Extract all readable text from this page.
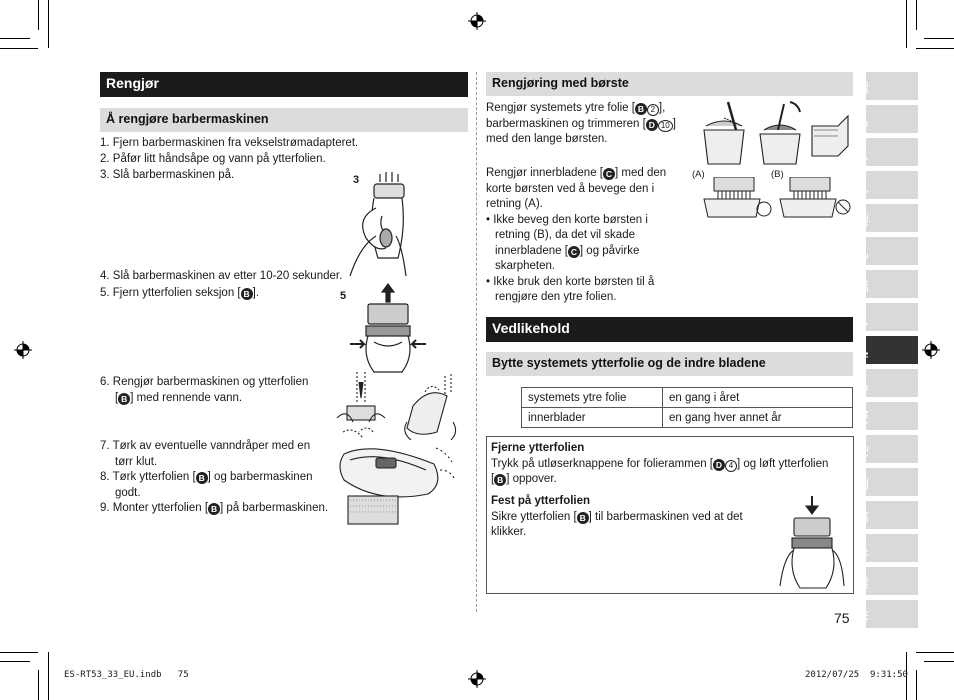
Rengjør
Å rengjøre barbermaskinen
1. Fjern barbermaskinen fra vekselstrømadapteret.
2. Påfør litt håndsåpe og vann på ytterfolien.
3. Slå barbermaskinen på.	3
4. Slå barbermaskinen av etter 10-20 sekunder.
5. Fjern ytterfolien seksjon [ B ].	5
6. Rengjør barbermaskinen og ytterfolien
[ B ] med rennende vann.
7. Tørk av eventuelle vanndråper med en
tørr klut.
8. Tørk ytterfolien [ B ] og barbermaskinen
godt.
9. Monter ytterfolien [ B ] på barbermaskinen.
Rengjøring med børste
Rengjør systemets ytre folie [ B 2 ],
barbermaskinen og trimmeren [ D 10 ]
med den lange børsten.
Rengjør innerbladene [ C ] med den
korte børsten ved å bevege den i
retning (A).
• Ikke beveg den korte børsten i
retning (B), da det vil skade
innerbladene [ C ] og påvirke
skarpheten.
• Ikke bruk den korte børsten til å
rengjøre den ytre folien.
(A)	(B)
Vedlikehold
Bytte systemets ytterfolie og de indre bladene
systemets ytre folie	en gang i året
innerblader	en gang hver annet år
Fjerne ytterfolien
Trykk på utløserknappene for folierammen [ D 4 ] og løft ytterfolien
[ B ] oppover.
Fest på ytterfolien
Sikre ytterfolien [ B ] til barbermaskinen ved at det
klikker.
75
GB
D
F
I
NL
E
DK
P
N
S
FIN
PL
CZ
SK
H
RO
TR
ES-RT53_33_EU.indb   75	2012/07/25 9:31:50
